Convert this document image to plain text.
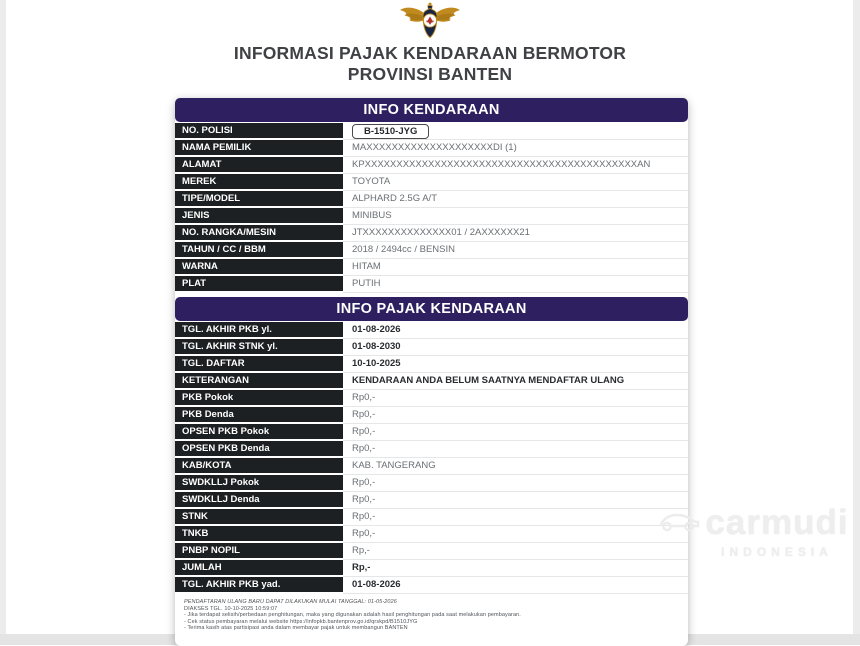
INFORMASI PAJAK KENDARAAN BERMOTOR
PROVINSI BANTEN
INFO KENDARAAN
NO. POLISI	B-1510-JYG
NAMA PEMILIK	MAXXXXXXXXXXXXXXXXXXXXDI (1)
ALAMAT	KPXXXXXXXXXXXXXXXXXXXXXXXXXXXXXXXXXXXXXXXXXXXAN
MEREK	TOYOTA
TIPE/MODEL	ALPHARD 2.5G A/T
JENIS	MINIBUS
NO. RANGKA/MESIN	JTXXXXXXXXXXXXXX01 / 2AXXXXXX21
TAHUN / CC / BBM	2018 / 2494cc / BENSIN
WARNA	HITAM
PLAT	PUTIH
INFO PAJAK KENDARAAN
TGL. AKHIR PKB yl.	01-08-2026
TGL. AKHIR STNK yl.	01-08-2030
TGL. DAFTAR	10-10-2025
KETERANGAN	KENDARAAN ANDA BELUM SAATNYA MENDAFTAR ULANG
PKB Pokok	Rp0,-
PKB Denda	Rp0,-
OPSEN PKB Pokok	Rp0,-
OPSEN PKB Denda	Rp0,-
KAB/KOTA	KAB. TANGERANG
SWDKLLJ Pokok	Rp0,-
SWDKLLJ Denda	Rp0,-
STNK	Rp0,-
TNKB	Rp0,-
PNBP NOPIL	Rp,-
JUMLAH	Rp,-
TGL. AKHIR PKB yad.	01-08-2026
PENDAFTARAN ULANG BARU DAPAT DILAKUKAN MULAI TANGGAL: 01-05-2026
DIAKSES TGL. 10-10-2025 10:59:07
- Jika terdapat selisih/perbedaan penghitungan, maka yang digunakan adalah hasil penghitungan pada saat melakukan pembayaran.
- Cek status pembayaran melalui website https://infopkb.bantenprov.go.id/qrskpd/B1510JYG
- Terima kasih atas partisipasi anda dalam membayar pajak untuk membangun BANTEN
carmudi
INDONESIA
